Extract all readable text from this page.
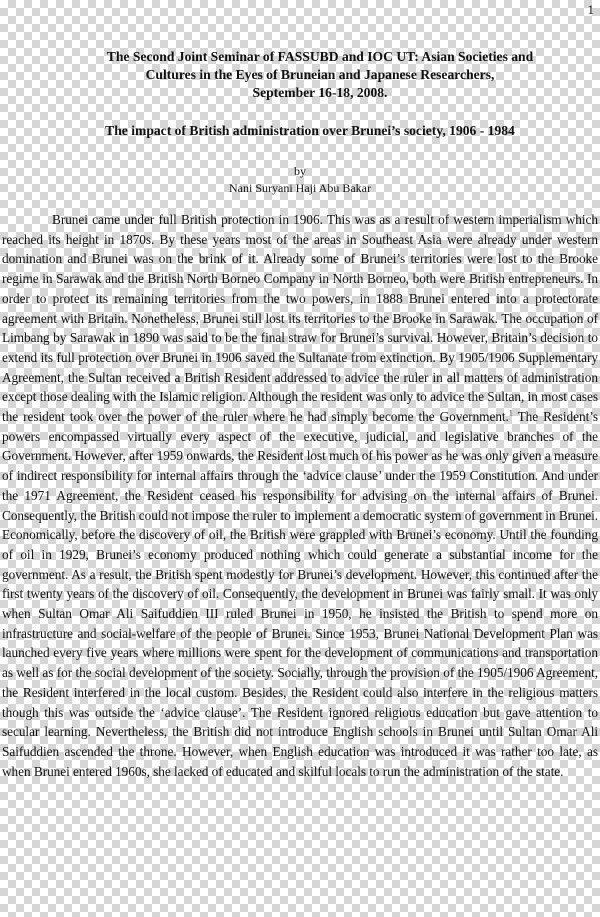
1
The Second Joint Seminar of FASSUBD and IOC UT: Asian Societies and
Cultures in the Eyes of Bruneian and Japanese Researchers,
September 16-18, 2008.
The impact of British administration over Brunei’s society, 1906 - 1984
by
Nani Suryani Haji Abu Bakar

Brunei came under full British protection in 1906. This was as a result of western imperialism which reached its height in 1870s. By these years most of the areas in Southeast Asia were already under western domination and Brunei was on the brink of it. Already some of Brunei’s territories were lost to the Brooke regime in Sarawak and the British North Borneo Company in North Borneo, both were British entrepreneurs. In order to protect its remaining territories from the two powers, in 1888 Brunei entered into a protectorate agreement with Britain. Nonetheless, Brunei still lost its territories to the Brooke in Sarawak. The occupation of Limbang by Sarawak in 1890 was said to be the final straw for Brunei’s survival. However, Britain’s decision to extend its full protection over Brunei in 1906 saved the Sultanate from extinction. By 1905/1906 Supplementary Agreement, the Sultan received a British Resident addressed to advice the ruler in all matters of administration except those dealing with the Islamic religion. Although the resident was only to advice the Sultan, in most cases the resident took over the power of the ruler where he had simply become the Government.$^1$ The Resident’s powers encompassed virtually every aspect of the executive, judicial, and legislative branches of the Government. However, after 1959 onwards, the Resident lost much of his power as he was only given a measure of indirect responsibility for internal affairs through the ‘advice clause’ under the 1959 Constitution. And under the 1971 Agreement, the Resident ceased his responsibility for advising on the internal affairs of Brunei. Consequently, the British could not impose the ruler to implement a democratic system of government in Brunei. Economically, before the discovery of oil, the British were grappled with Brunei’s economy. Until the founding of oil in 1929, Brunei’s economy produced nothing which could generate a substantial income for the government. As a result, the British spent modestly for Brunei’s development. However, this continued after the first twenty years of the discovery of oil. Consequently, the development in Brunei was fairly small. It was only when Sultan Omar Ali Saifuddien III ruled Brunei in 1950, he insisted the British to spend more on infrastructure and social-welfare of the people of Brunei. Since 1953, Brunei National Development Plan was launched every five years where millions were spent for the development of communications and transportation as well as for the social development of the society. Socially, through the provision of the 1905/1906 Agreement, the Resident interfered in the local custom. Besides, the Resident could also interfere in the religious matters though this was outside the ‘advice clause’. The Resident ignored religious education but gave attention to secular learning. Nevertheless, the British did not introduce English schools in Brunei until Sultan Omar Ali Saifuddien ascended the throne. However, when English education was introduced it was rather too late, as when Brunei entered 1960s, she lacked of educated and skilful locals to run the administration of the state.
